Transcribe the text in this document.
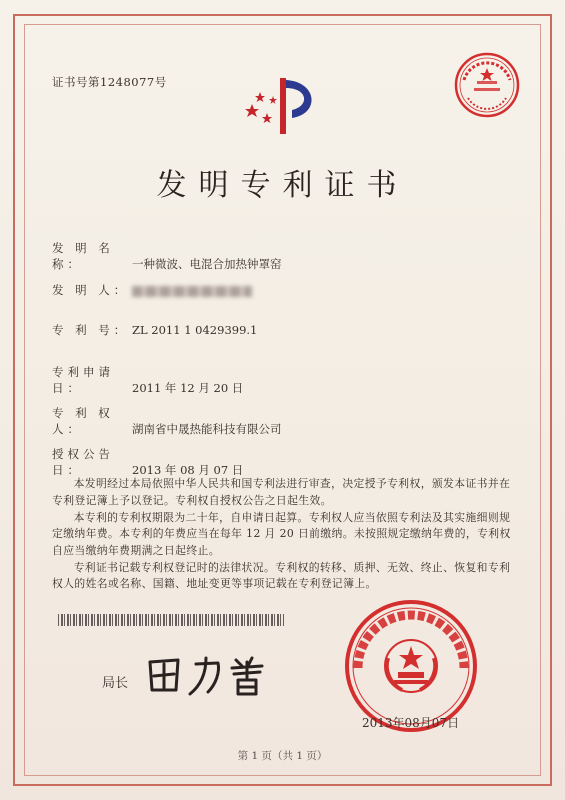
证书号第1248077号
发明专利证书
发 明 名 称：	一种微波、电混合加热钟罩窑
发 明 人：
专 利 号： ZL 2011 1 0429399.1
专利申请日：	2011 年 12 月 20 日
专 利 权 人：	湖南省中晟热能科技有限公司
授权公告日：	2013 年 08 月 07 日

本发明经过本局依照中华人民共和国专利法进行审查，决定授予专利权，颁发本证书并在专利登记簿上予以登记。专利权自授权公告之日起生效。

本专利的专利权期限为二十年，自申请日起算。专利权人应当依照专利法及其实施细则规定缴纳年费。本专利的年费应当在每年 12 月 20 日前缴纳。未按照规定缴纳年费的，专利权自应当缴纳年费期满之日起终止。

专利证书记载专利权登记时的法律状况。专利权的转移、质押、无效、终止、恢复和专利权人的姓名或名称、国籍、地址变更等事项记载在专利登记簿上。

局长
2013年08月07日
第 1 页（共 1 页）
